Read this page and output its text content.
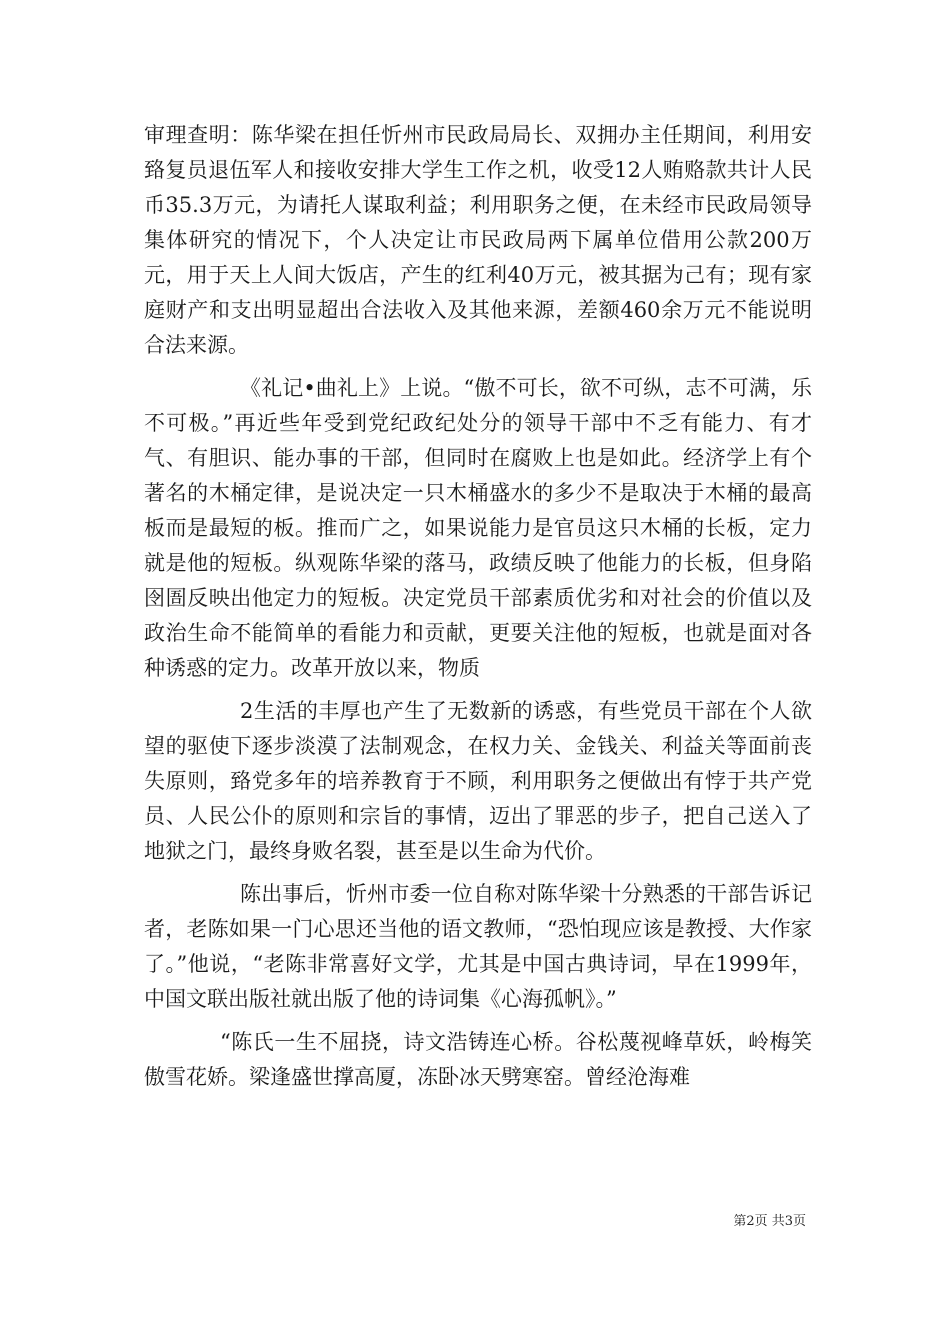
审理查明：陈华梁在担任忻州市民政局局长、双拥办主任期间，利用安臵复员退伍军人和接收安排大学生工作之机，收受12人贿赂款共计人民币35.3万元，为请托人谋取利益；利用职务之便，在未经市民政局领导集体研究的情况下，个人决定让市民政局两下属单位借用公款200万元，用于天上人间大饭店，产生的红利40万元，被其据为己有；现有家庭财产和支出明显超出合法收入及其他来源，差额460余万元不能说明合法来源。

《礼记•曲礼上》上说。“傲不可长，欲不可纵，志不可满，乐不可极。”再近些年受到党纪政纪处分的领导干部中不乏有能力、有才气、有胆识、能办事的干部，但同时在腐败上也是如此。经济学上有个著名的木桶定律，是说决定一只木桶盛水的多少不是取决于木桶的最高板而是最短的板。推而广之，如果说能力是官员这只木桶的长板，定力就是他的短板。纵观陈华梁的落马，政绩反映了他能力的长板，但身陷囹圄反映出他定力的短板。决定党员干部素质优劣和对社会的价值以及政治生命不能简单的看能力和贡献，更要关注他的短板，也就是面对各种诱惑的定力。改革开放以来，物质

2生活的丰厚也产生了无数新的诱惑，有些党员干部在个人欲望的驱使下逐步淡漠了法制观念，在权力关、金钱关、利益关等面前丧失原则，臵党多年的培养教育于不顾，利用职务之便做出有悖于共产党员、人民公仆的原则和宗旨的事情，迈出了罪恶的步子，把自己送入了地狱之门，最终身败名裂，甚至是以生命为代价。

陈出事后，忻州市委一位自称对陈华梁十分熟悉的干部告诉记者，老陈如果一门心思还当他的语文教师，“恐怕现应该是教授、大作家了。”他说，“老陈非常喜好文学，尤其是中国古典诗词，早在1999年，中国文联出版社就出版了他的诗词集《心海孤帆》。”

“陈氏一生不屈挠，诗文浩铸连心桥。谷松蔑视峰草妖，岭梅笑傲雪花娇。梁逢盛世撑高厦，冻卧冰天劈寒窑。曾经沧海难

第2页 共3页
